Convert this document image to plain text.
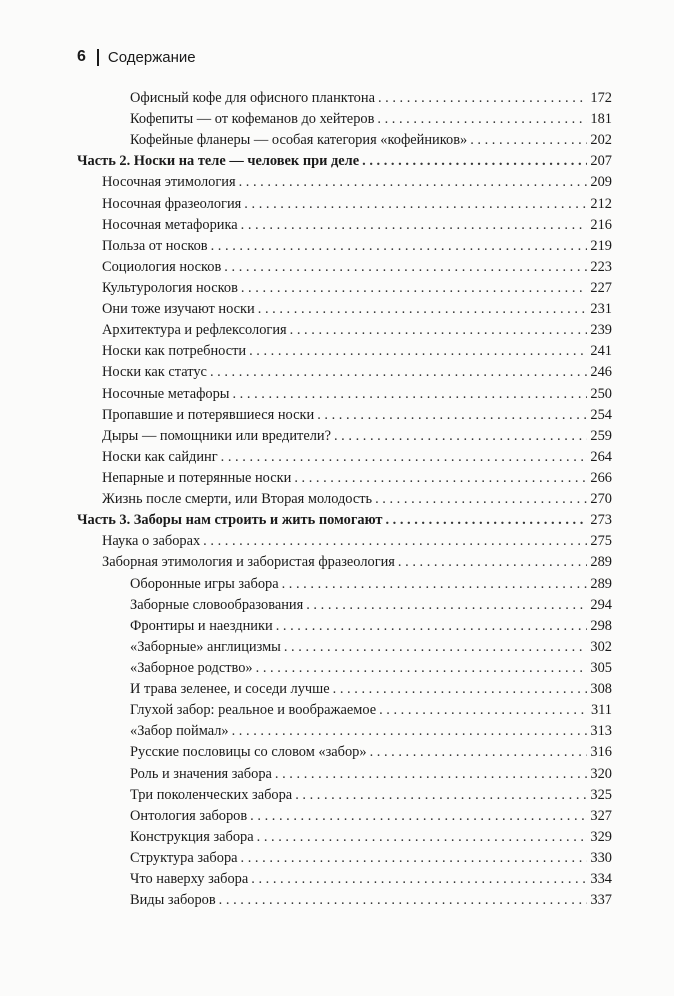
6 Содержание
Офисный кофе для офисного планктона . . .	172
Кофепиты — от кофеманов до хейтеров . . .	181
Кофейные фланеры — особая категория «кофейников» . . .	202
Часть 2. Носки на теле — человек при деле . . .	207
Носочная этимология . . .	209
Носочная фразеология . . .	212
Носочная метафорика . . .	216
Польза от носков . . .	219
Социология носков . . .	223
Культурология носков . . .	227
Они тоже изучают носки . . .	231
Архитектура и рефлексология . . .	239
Носки как потребности . . .	241
Носки как статус . . .	246
Носочные метафоры . . .	250
Пропавшие и потерявшиеся носки . . .	254
Дыры — помощники или вредители? . . .	259
Носки как сайдинг . . .	264
Непарные и потерянные носки . . .	266
Жизнь после смерти, или Вторая молодость . . .	270
Часть 3. Заборы нам строить и жить помогают . . .	273
Наука о заборах . . .	275
Заборная этимология и забористая фразеология . . .	289
Оборонные игры забора . . .	289
Заборные словообразования . . .	294
Фронтиры и наездники . . .	298
«Заборные» англицизмы . . .	302
«Заборное родство» . . .	305
И трава зеленее, и соседи лучше . . .	308
Глухой забор: реальное и воображаемое . . .	311
«Забор поймал» . . .	313
Русские пословицы со словом «забор» . . .	316
Роль и значения забора . . .	320
Три поколенческих забора . . .	325
Онтология заборов . . .	327
Конструкция забора . . .	329
Структура забора . . .	330
Что наверху забора . . .	334
Виды заборов . . .	337
